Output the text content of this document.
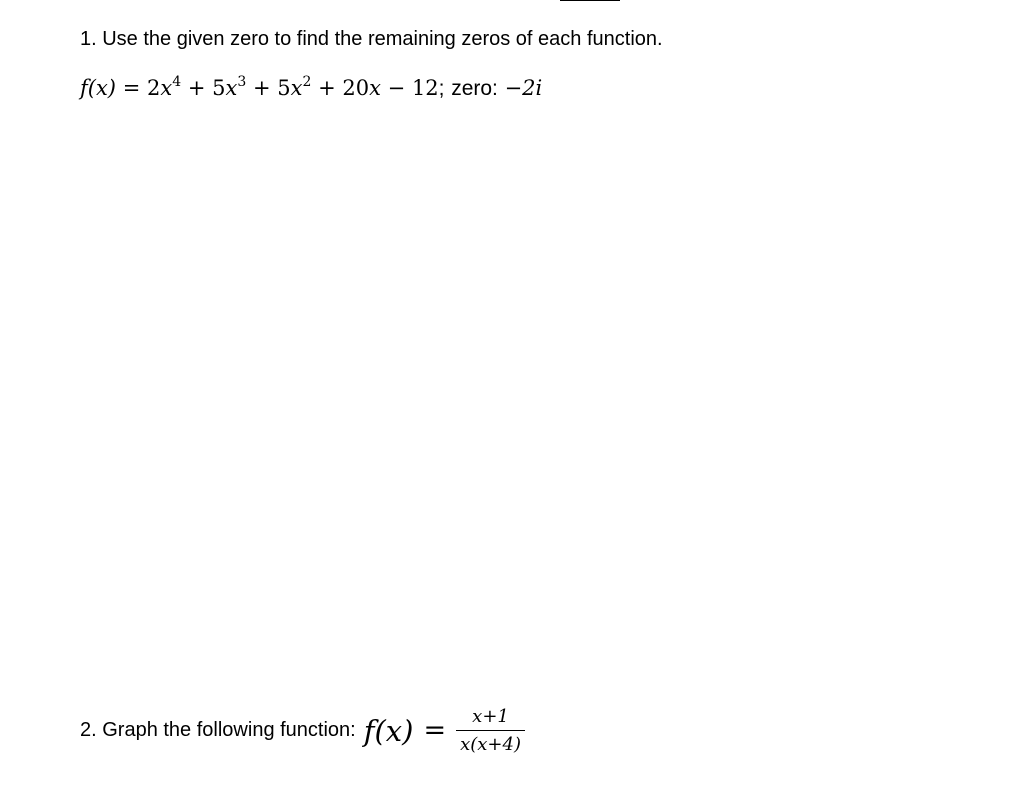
1. Use the given zero to find the remaining zeros of each function.
$f(x) = 2x^4 + 5x^3 + 5x^2 + 20x - 12$; zero: −2i
2. Graph the following function: $f(x) = \frac{x+1}{x(x+4)}$
